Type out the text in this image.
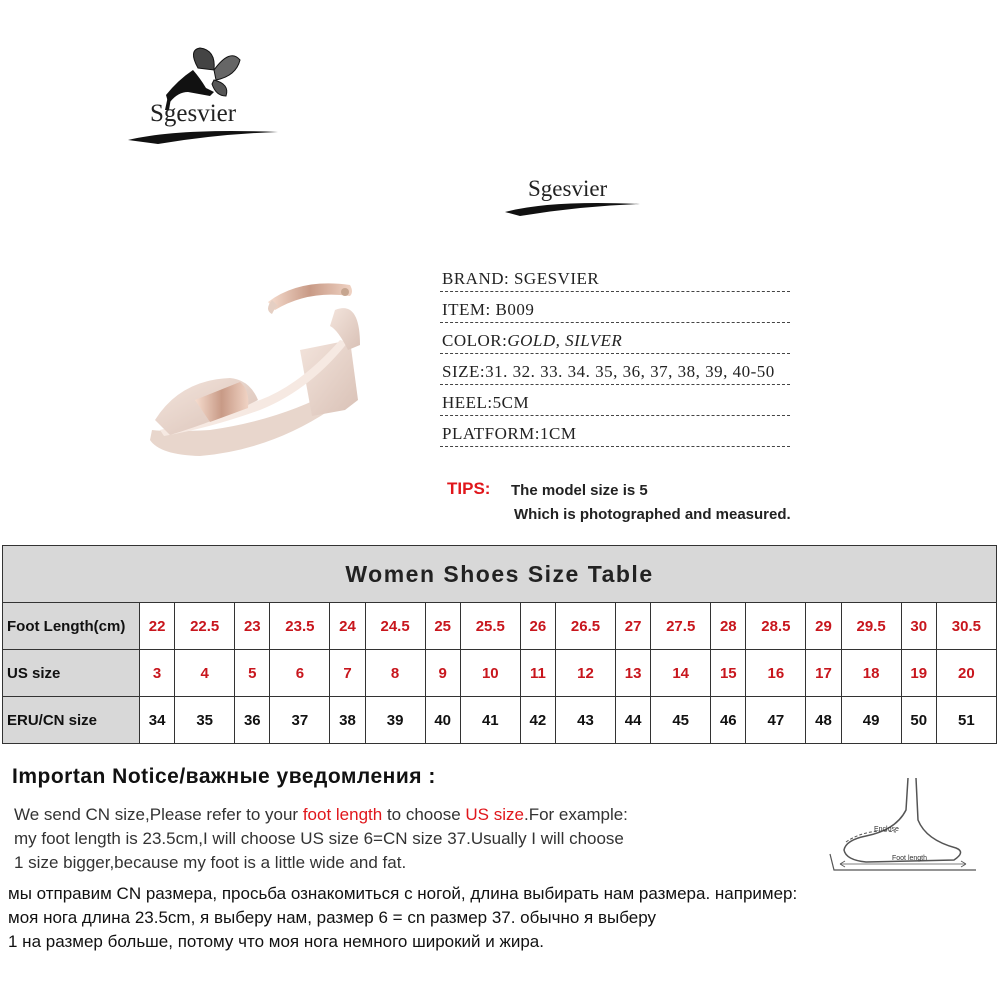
Sgesvier
Sgesvier
BRAND: SGESVIER
ITEM: B009
COLOR:GOLD, SILVER
SIZE:31. 32. 33. 34. 35, 36, 37, 38, 39, 40-50
HEEL:5CM
PLATFORM:1CM
TIPS: The model size is 5
Which is photographed and measured.
Women Shoes Size Table																		
Foot Length(cm)	22	22.5	23	23.5	24	24.5	25	25.5	26	26.5	27	27.5	28	28.5	29	29.5	30	30.5
US size	3	4	5	6	7	8	9	10	11	12	13	14	15	16	17	18	19	20
ERU/CN size	34	35	36	37	38	39	40	41	42	43	44	45	46	47	48	49	50	51
Importan Notice/важные уведомления :
We send CN size,Please refer to your foot length to choose US size.For example:
my foot length is 23.5cm,I will choose US size 6=CN size 37.Usually I will choose
1 size bigger,because my foot is a little wide and fat.
мы отправим CN размера, просьба ознакомиться с ногой, длина выбирать нам размера. например:
моя нога длина 23.5cm, я выберу нам, размер 6 = cn размер 37. обычно я выберу
1 на размер больше, потому что моя нога немного широкий и жира.
Enclose
Foot length
